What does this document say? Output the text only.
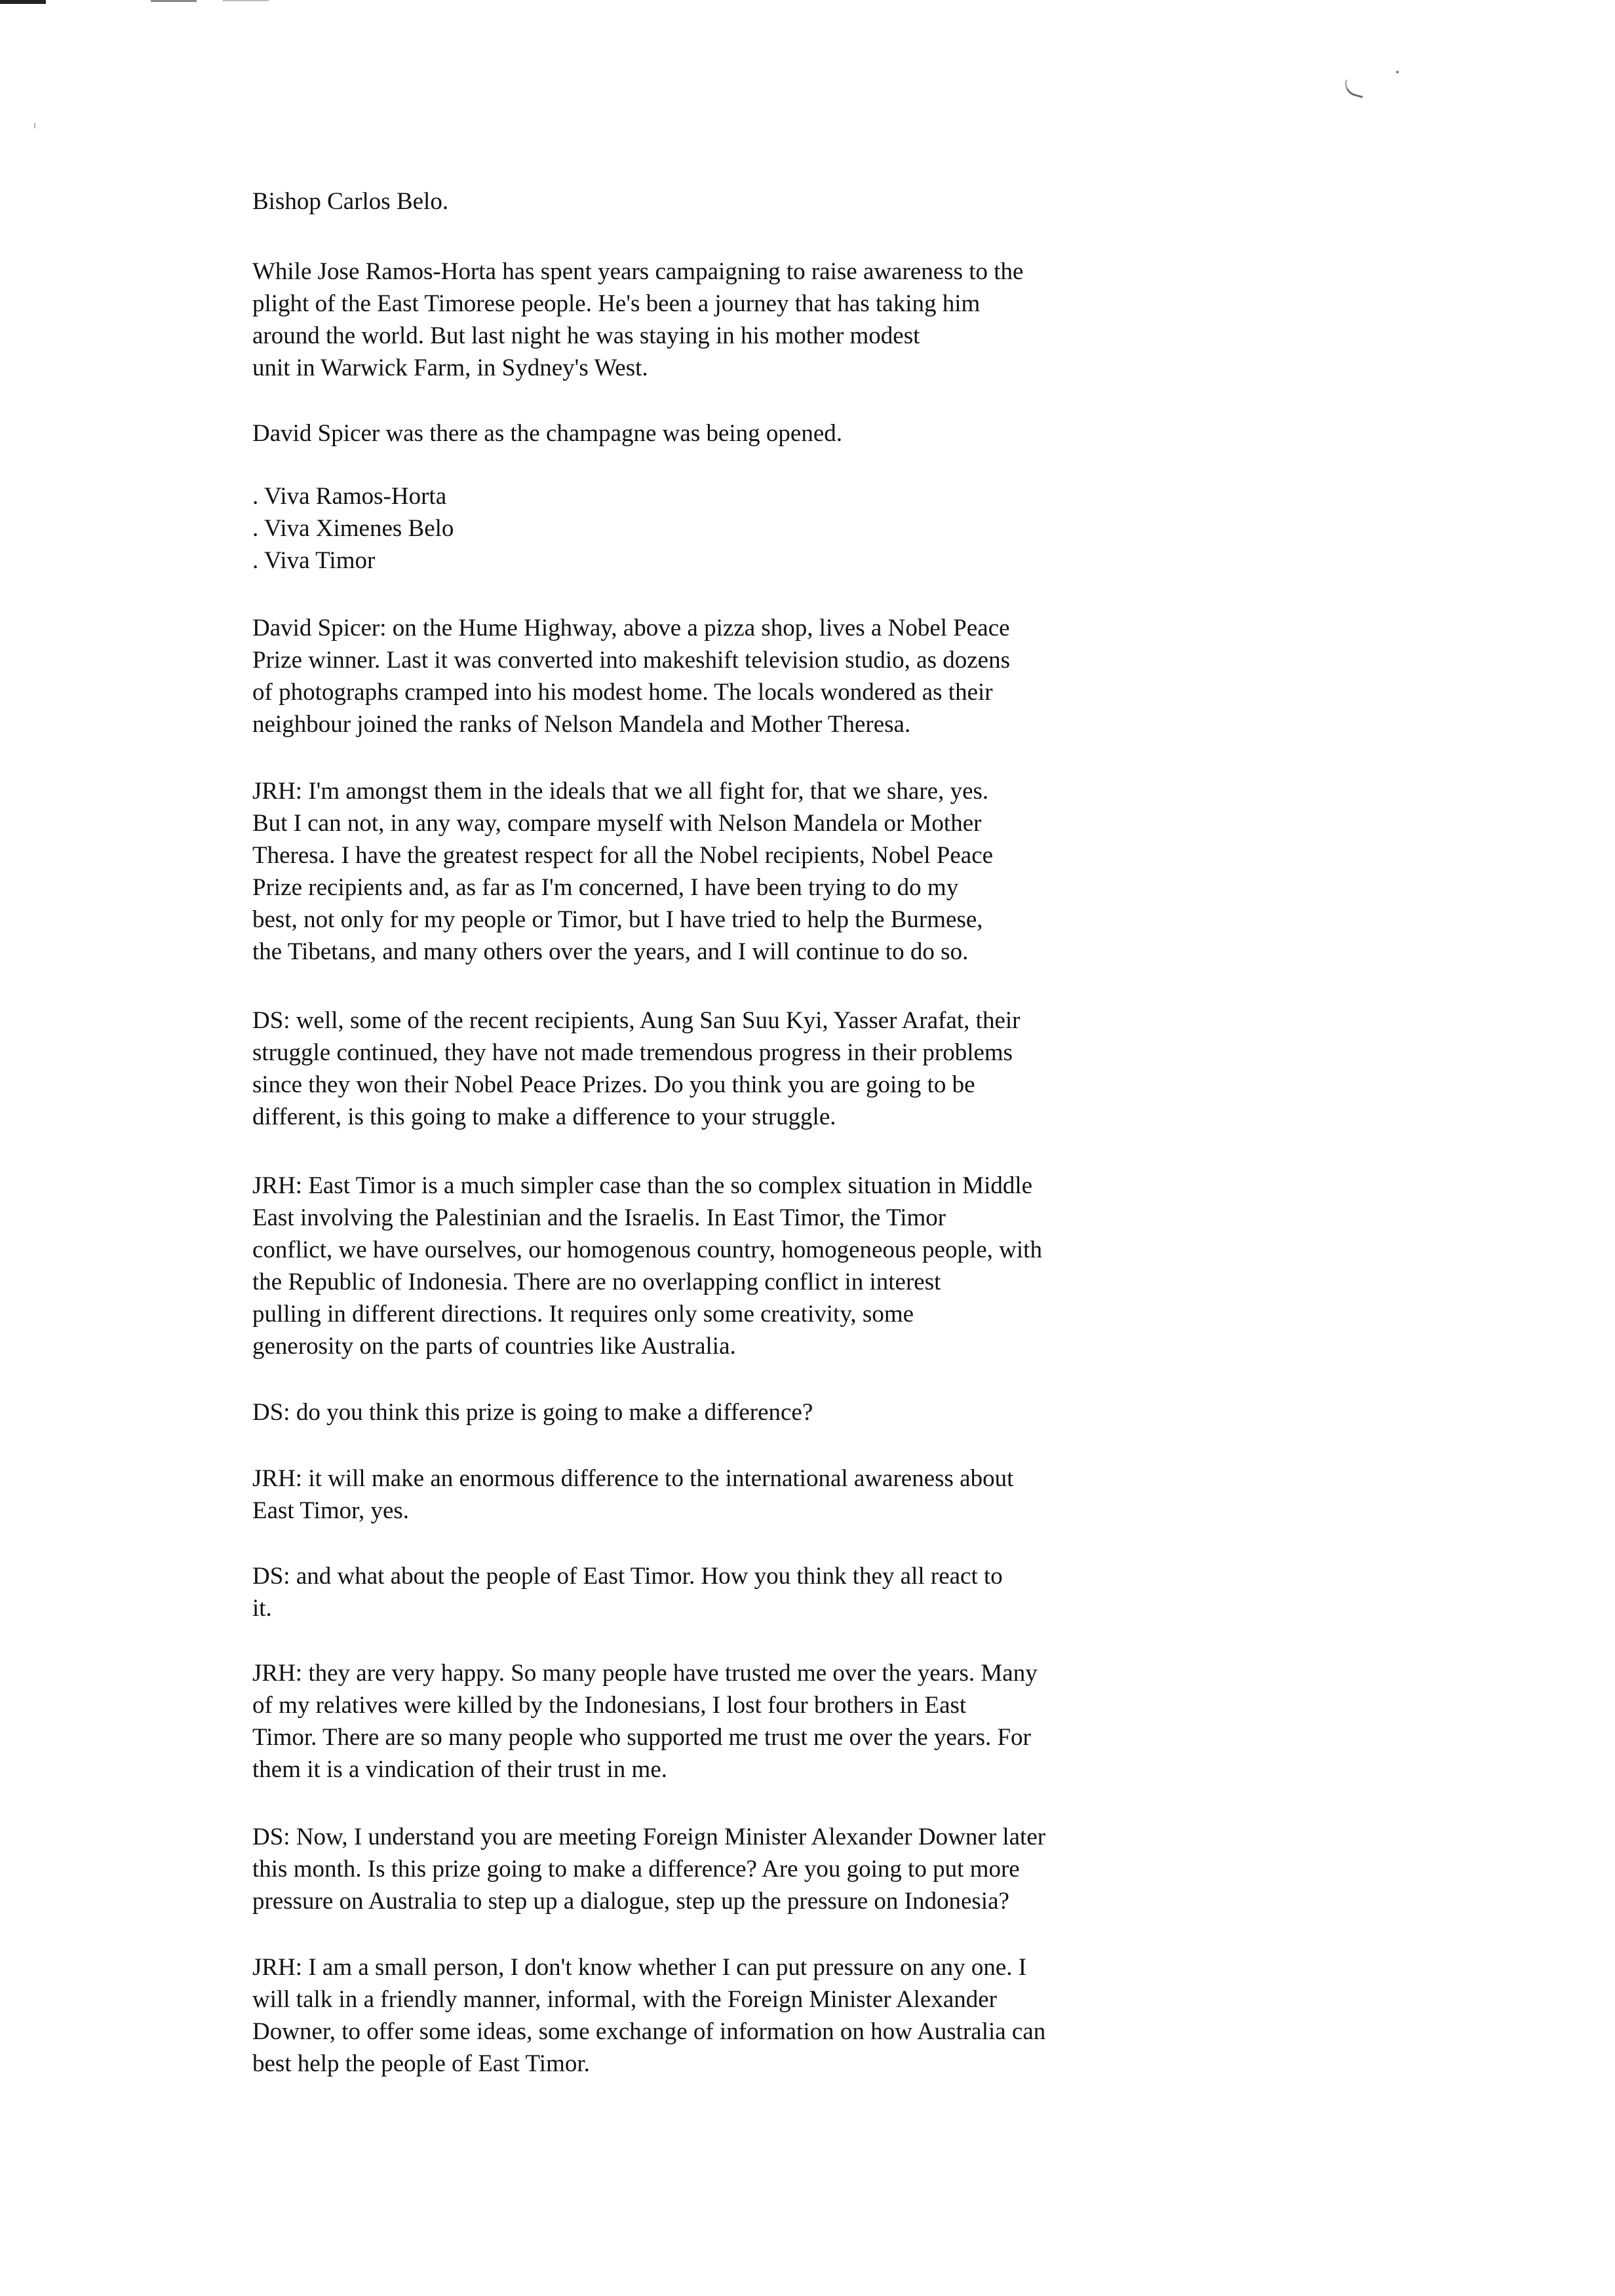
Bishop Carlos Belo.

While Jose Ramos-Horta has spent years campaigning to raise awareness to the
plight of the East Timorese people. He's been a journey that has taking him
around the world. But last night he was staying in his mother modest
unit in Warwick Farm, in Sydney's West.

David Spicer was there as the champagne was being opened.

. Viva Ramos-Horta
. Viva Ximenes Belo
. Viva Timor

David Spicer: on the Hume Highway, above a pizza shop, lives a Nobel Peace
Prize winner. Last it was converted into makeshift television studio, as dozens
of photographs cramped into his modest home. The locals wondered as their
neighbour joined the ranks of Nelson Mandela and Mother Theresa.

JRH: I'm amongst them in the ideals that we all fight for, that we share, yes.
But I can not, in any way, compare myself with Nelson Mandela or Mother
Theresa. I have the greatest respect for all the Nobel recipients, Nobel Peace
Prize recipients and, as far as I'm concerned, I have been trying to do my
best, not only for my people or Timor, but I have tried to help the Burmese,
the Tibetans, and many others over the years, and I will continue to do so.

DS: well, some of the recent recipients, Aung San Suu Kyi, Yasser Arafat, their
struggle continued, they have not made tremendous progress in their problems
since they won their Nobel Peace Prizes. Do you think you are going to be
different, is this going to make a difference to your struggle.

JRH: East Timor is a much simpler case than the so complex situation in Middle
East involving the Palestinian and the Israelis. In East Timor, the Timor
conflict, we have ourselves, our homogenous country, homogeneous people, with
the Republic of Indonesia. There are no overlapping conflict in interest
pulling in different directions. It requires only some creativity, some
generosity on the parts of countries like Australia.

DS: do you think this prize is going to make a difference?

JRH: it will make an enormous difference to the international awareness about
East Timor, yes.

DS: and what about the people of East Timor. How you think they all react to
it.

JRH: they are very happy. So many people have trusted me over the years. Many
of my relatives were killed by the Indonesians, I lost four brothers in East
Timor. There are so many people who supported me trust me over the years. For
them it is a vindication of their trust in me.

DS: Now, I understand you are meeting Foreign Minister Alexander Downer later
this month. Is this prize going to make a difference? Are you going to put more
pressure on Australia to step up a dialogue, step up the pressure on Indonesia?

JRH: I am a small person, I don't know whether I can put pressure on any one. I
will talk in a friendly manner, informal, with the Foreign Minister Alexander
Downer, to offer some ideas, some exchange of information on how Australia can
best help the people of East Timor.
